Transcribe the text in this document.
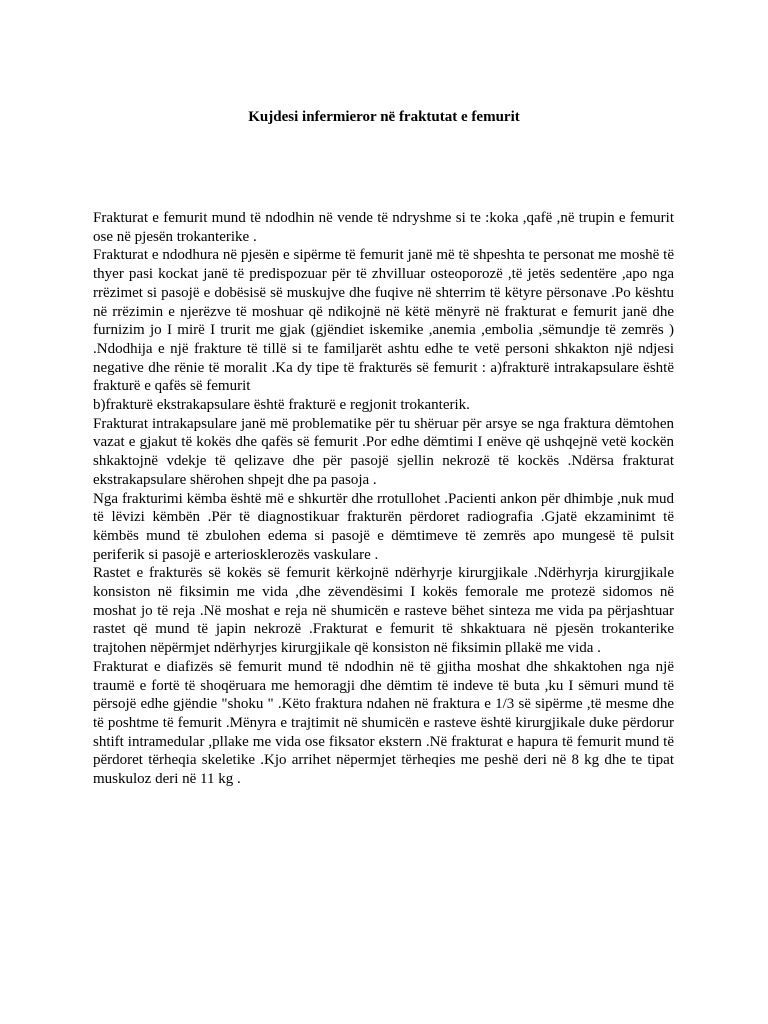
Kujdesi infermieror në fraktutat e femurit

Frakturat e femurit mund të ndodhin në vende të ndryshme si te :koka ,qafë ,në trupin e femurit ose në pjesën trokanterike .

Frakturat e ndodhura në pjesën e sipërme të femurit janë më të shpeshta te personat me moshë të thyer pasi kockat janë të predispozuar për të zhvilluar osteoporozë ,të jetës sedentëre ,apo nga rrëzimet si pasojë e dobësisë së muskujve dhe fuqive në shterrim të këtyre përsonave .Po kështu në rrëzimin e njerëzve të moshuar që ndikojnë në këtë mënyrë në frakturat e femurit janë dhe furnizim jo I mirë I trurit me gjak (gjëndiet iskemike ,anemia ,embolia ,sëmundje të zemrës ) .Ndodhija e një frakture të tillë si te familjarët ashtu edhe te vetë personi shkakton një ndjesi negative dhe rënie të moralit .Ka dy tipe të frakturës së femurit : a)frakturë intrakapsulare është frakturë e qafës së femurit

b)frakturë ekstrakapsulare është frakturë e regjonit trokanterik.

Frakturat intrakapsulare janë më problematike për tu shëruar për arsye se nga fraktura dëmtohen vazat e gjakut të kokës dhe qafës së femurit .Por edhe dëmtimi I enëve që ushqejnë vetë kockën shkaktojnë vdekje të qelizave dhe për pasojë sjellin nekrozë të kockës .Ndërsa frakturat ekstrakapsulare shërohen shpejt dhe pa pasoja .

Nga frakturimi këmba është më e shkurtër dhe rrotullohet .Pacienti ankon për dhimbje ,nuk mud të lëvizi këmbën .Për të diagnostikuar frakturën përdoret radiografia .Gjatë ekzaminimt të këmbës mund të zbulohen edema si pasojë e dëmtimeve të zemrës apo mungesë të pulsit periferik si pasojë e arteriosklerozës vaskulare .

Rastet e frakturës së kokës së femurit kërkojnë ndërhyrje kirurgjikale .Ndërhyrja kirurgjikale konsiston në fiksimin me vida ,dhe zëvendësimi I kokës femorale me protezë sidomos në moshat jo të reja .Në moshat e reja në shumicën e rasteve bëhet sinteza me vida pa përjashtuar rastet që mund të japin nekrozë .Frakturat e femurit të shkaktuara në pjesën trokanterike trajtohen nëpërmjet ndërhyrjes kirurgjikale që konsiston në fiksimin pllakë me vida .

Frakturat e diafizës së femurit mund të ndodhin në të gjitha moshat dhe shkaktohen nga një traumë e fortë të shoqëruara me hemoragji dhe dëmtim të indeve të buta ,ku I sëmuri mund të përsojë edhe gjëndie "shoku " .Këto fraktura ndahen në fraktura e 1/3 së sipërme ,të mesme dhe të poshtme të femurit .Mënyra e trajtimit në shumicën e rasteve është kirurgjikale duke përdorur shtift intramedular ,pllake me vida ose fiksator ekstern .Në frakturat e hapura të femurit mund të përdoret tërheqia skeletike .Kjo arrihet nëpermjet tërheqies me peshë deri në 8 kg dhe te tipat muskuloz deri në 11 kg .
